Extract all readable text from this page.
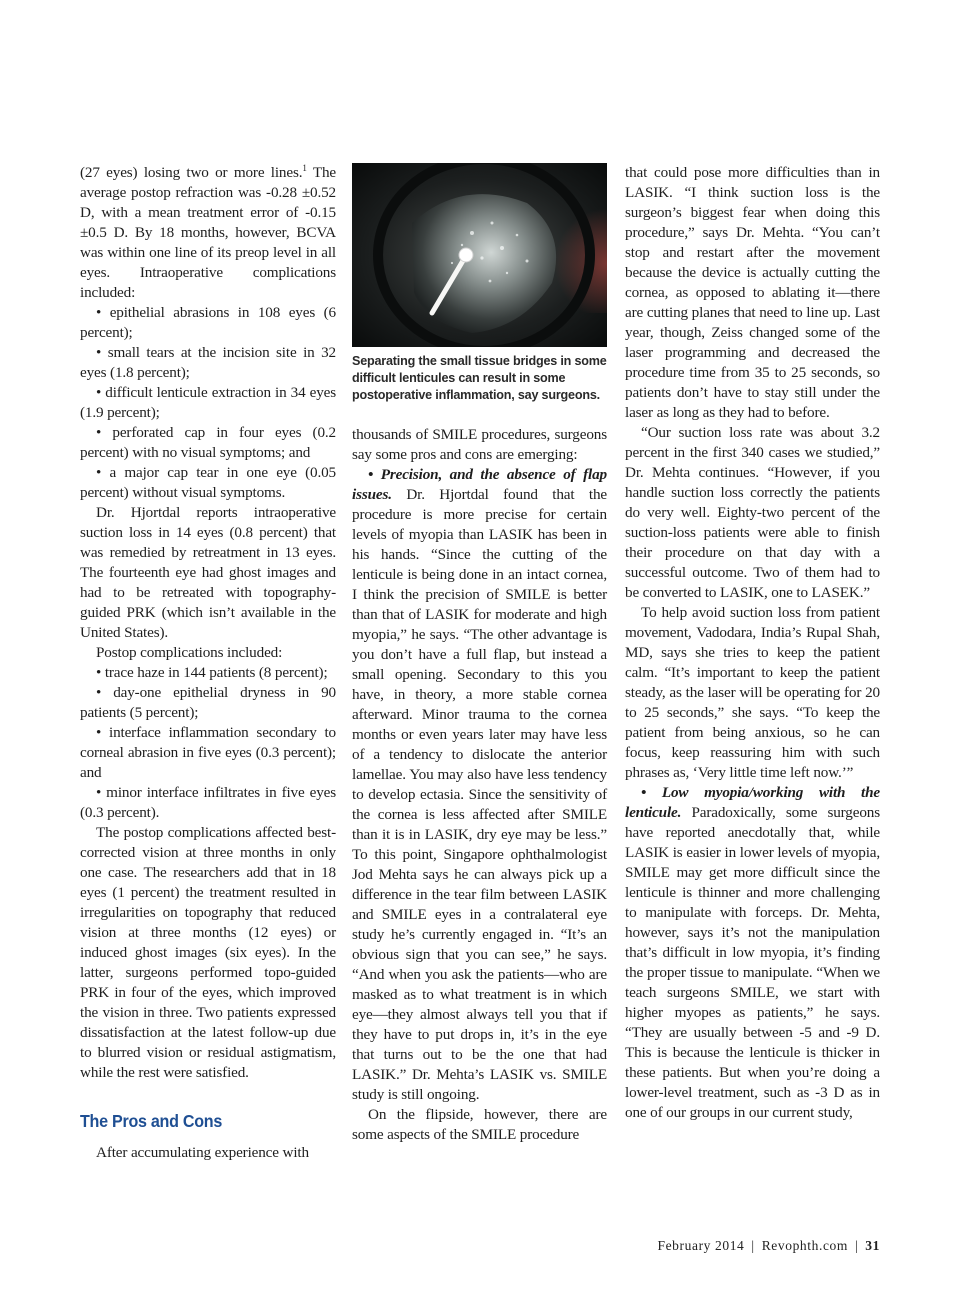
(27 eyes) losing two or more lines.$^1$ The average postop refraction was -0.28 ±0.52 D, with a mean treatment error of -0.15 ±0.5 D. By 18 months, however, BCVA was within one line of its preop level in all eyes. Intraoperative complications included:

• epithelial abrasions in 108 eyes (6 percent);

• small tears at the incision site in 32 eyes (1.8 percent);

• difficult lenticule extraction in 34 eyes (1.9 percent);

• perforated cap in four eyes (0.2 percent) with no visual symptoms; and

• a major cap tear in one eye (0.05 percent) without visual symptoms.

Dr. Hjortdal reports intraoperative suction loss in 14 eyes (0.8 percent) that was remedied by retreatment in 13 eyes. The fourteenth eye had ghost images and had to be retreated with topography-guided PRK (which isn’t available in the United States).

Postop complications included:

• trace haze in 144 patients (8 percent);

• day-one epithelial dryness in 90 patients (5 percent);

• interface inflammation secondary to corneal abrasion in five eyes (0.3 percent); and

• minor interface infiltrates in five eyes (0.3 percent).

The postop complications affected best-corrected vision at three months in only one case. The researchers add that in 18 eyes (1 percent) the treatment resulted in irregularities on topography that reduced vision at three months (12 eyes) or induced ghost images (six eyes). In the latter, surgeons performed topo-guided PRK in four of the eyes, which improved the vision in three. Two patients expressed dissatisfaction at the latest follow-up due to blurred vision or residual astigmatism, while the rest were satisfied.

The Pros and Cons

After accumulating experience with

Separating the small tissue bridges in some difficult lenticules can result in some postoperative inflammation, say surgeons.

thousands of SMILE procedures, surgeons say some pros and cons are emerging:

• Precision, and the absence of flap issues. Dr. Hjortdal found that the procedure is more precise for certain levels of myopia than LASIK has been in his hands. “Since the cutting of the lenticule is being done in an intact cornea, I think the precision of SMILE is better than that of LASIK for moderate and high myopia,” he says. “The other advantage is you don’t have a full flap, but instead a small opening. Secondary to this you have, in theory, a more stable cornea afterward. Minor trauma to the cornea months or even years later may have less of a tendency to dislocate the anterior lamellae. You may also have less tendency to develop ectasia. Since the sensitivity of the cornea is less affected after SMILE than it is in LASIK, dry eye may be less.” To this point, Singapore ophthalmologist Jod Mehta says he can always pick up a difference in the tear film between LASIK and SMILE eyes in a contralateral eye study he’s currently engaged in. “It’s an obvious sign that you can see,” he says. “And when you ask the patients—who are masked as to what treatment is in which eye—they almost always tell you that if they have to put drops in, it’s in the eye that turns out to be the one that had LASIK.” Dr. Mehta’s LASIK vs. SMILE study is still ongoing.

On the flipside, however, there are some aspects of the SMILE procedure

that could pose more difficulties than in LASIK. “I think suction loss is the surgeon’s biggest fear when doing this procedure,” says Dr. Mehta. “You can’t stop and restart after the movement because the device is actually cutting the cornea, as opposed to ablating it—there are cutting planes that need to line up. Last year, though, Zeiss changed some of the laser programming and decreased the procedure time from 35 to 25 seconds, so patients don’t have to stay still under the laser as long as they had to before.

“Our suction loss rate was about 3.2 percent in the first 340 cases we studied,” Dr. Mehta continues. “However, if you handle suction loss correctly the patients do very well. Eighty-two percent of the suction-loss patients were able to finish their procedure on that day with a successful outcome. Two of them had to be converted to LASIK, one to LASEK.”

To help avoid suction loss from patient movement, Vadodara, India’s Rupal Shah, MD, says she tries to keep the patient calm. “It’s important to keep the patient steady, as the laser will be operating for 20 to 25 seconds,” she says. “To keep the patient from being anxious, so he can focus, keep reassuring him with such phrases as, ‘Very little time left now.’”

• Low myopia/working with the lenticule. Paradoxically, some surgeons have reported anecdotally that, while LASIK is easier in lower levels of myopia, SMILE may get more difficult since the lenticule is thinner and more challenging to manipulate with forceps. Dr. Mehta, however, says it’s not the manipulation that’s difficult in low myopia, it’s finding the proper tissue to manipulate. “When we teach surgeons SMILE, we start with higher myopes as patients,” he says. “They are usually between -5 and -9 D. This is because the lenticule is thicker in these patients. But when you’re doing a lower-level treatment, such as -3 D as in one of our groups in our current study,

February 2014 | Revophth.com | 31
